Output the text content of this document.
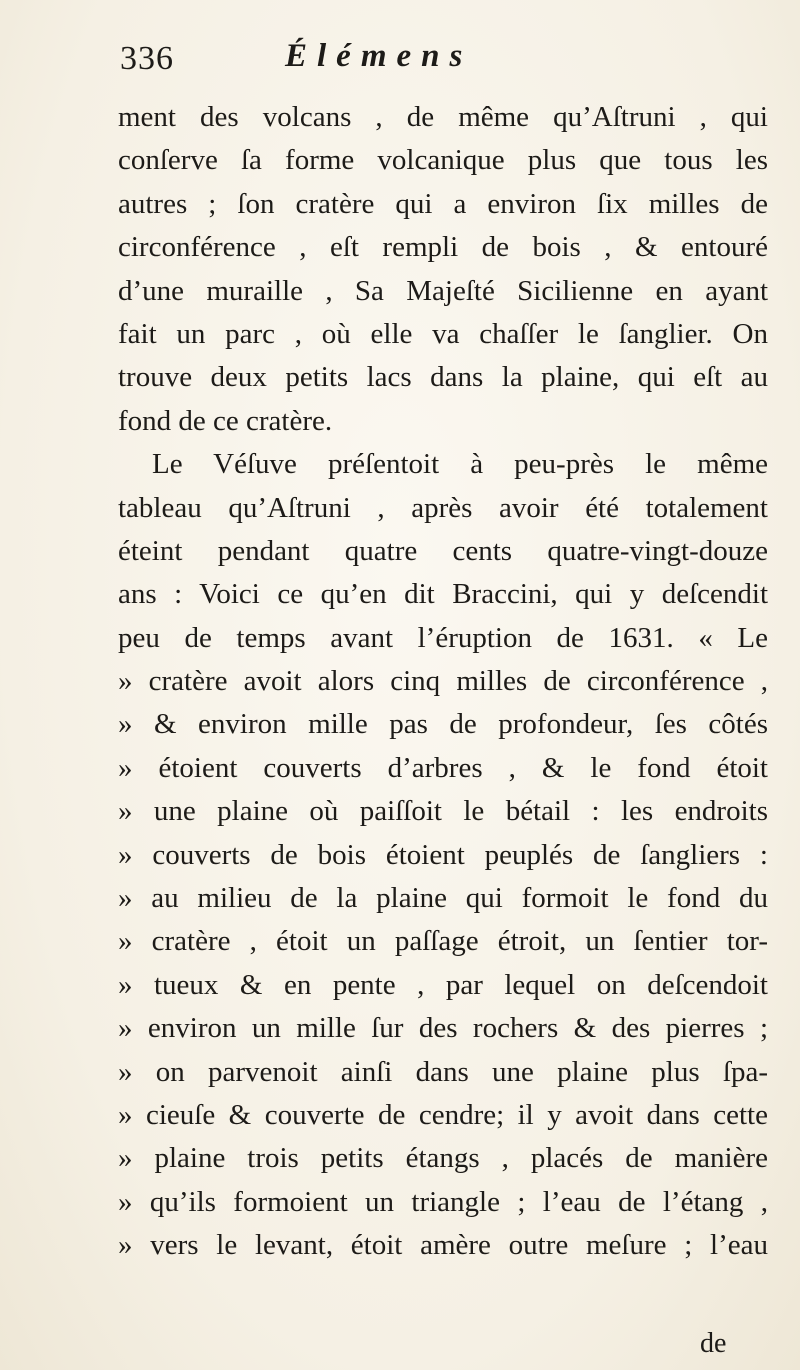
336	Élémens
ment des volcans , de même qu’Aſtruni , qui
conſerve ſa forme volcanique plus que tous les
autres ; ſon cratère qui a environ ſix milles de
circonférence , eſt rempli de bois , & entouré
d’une muraille , Sa Majeſté Sicilienne en ayant
fait un parc , où elle va chaſſer le ſanglier. On
trouve deux petits lacs dans la plaine, qui eſt au
fond de ce cratère.
Le Véſuve préſentoit à peu-près le même
tableau qu’Aſtruni , après avoir été totalement
éteint pendant quatre cents quatre-vingt-douze
ans : Voici ce qu’en dit Braccini, qui y deſcendit
peu de temps avant l’éruption de 1631. « Le
» cratère avoit alors cinq milles de circonférence ,
» & environ mille pas de profondeur, ſes côtés
» étoient couverts d’arbres , & le fond étoit
» une plaine où paiſſoit le bétail : les endroits
» couverts de bois étoient peuplés de ſangliers :
» au milieu de la plaine qui formoit le fond du
» cratère , étoit un paſſage étroit, un ſentier tor-
» tueux & en pente , par lequel on deſcendoit
» environ un mille ſur des rochers & des pierres ;
» on parvenoit ainſi dans une plaine plus ſpa-
» cieuſe & couverte de cendre; il y avoit dans cette
» plaine trois petits étangs , placés de manière
» qu’ils formoient un triangle ; l’eau de l’étang ,
» vers le levant, étoit amère outre meſure ; l’eau
de
